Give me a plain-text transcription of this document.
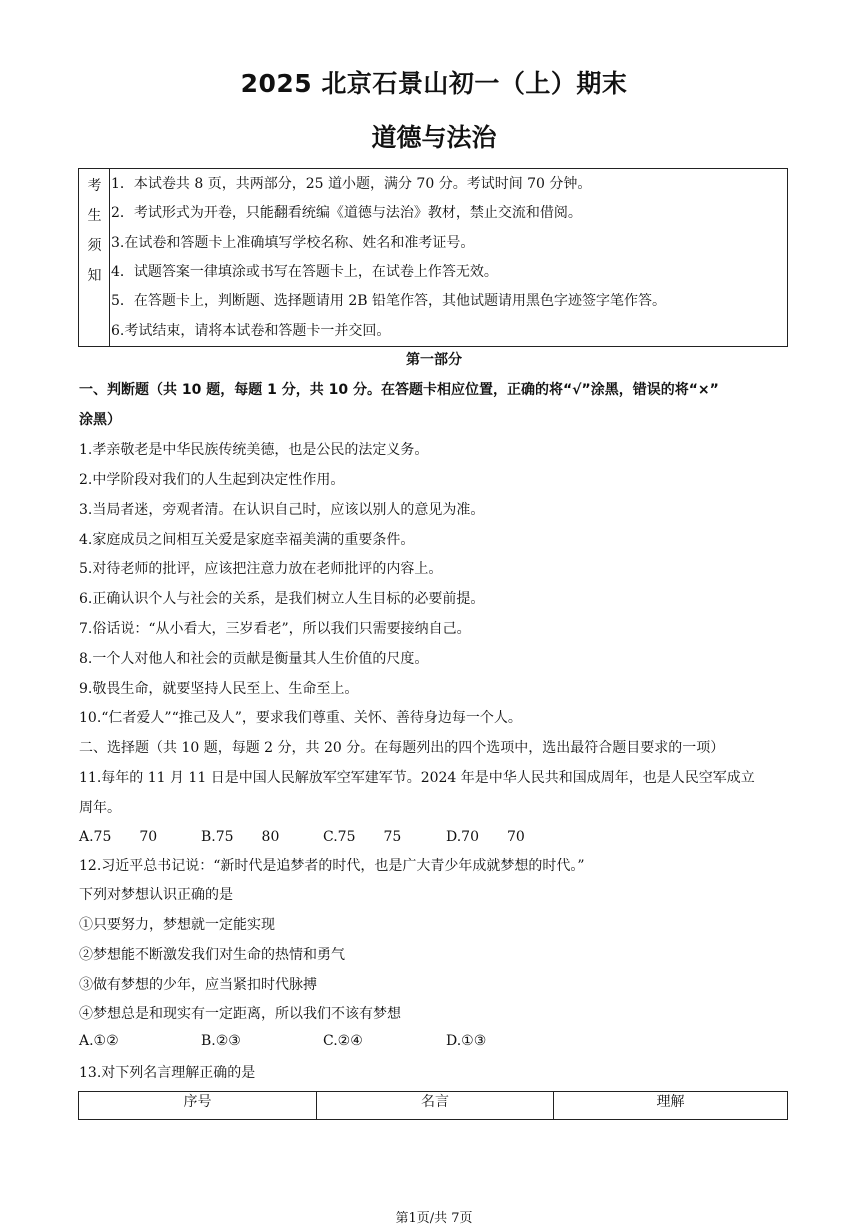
2025 北京石景山初一（上）期末
道德与法治
考
生
须
知
1．本试卷共 8 页，共两部分，25 道小题，满分 70 分。考试时间 70 分钟。
2．考试形式为开卷，只能翻看统编《道德与法治》教材，禁止交流和借阅。
3.在试卷和答题卡上准确填写学校名称、姓名和准考证号。
4．试题答案一律填涂或书写在答题卡上，在试卷上作答无效。
5．在答题卡上，判断题、选择题请用 2B 铅笔作答，其他试题请用黑色字迹签字笔作答。
6.考试结束，请将本试卷和答题卡一并交回。
第一部分
一、判断题（共 10 题，每题 1 分，共 10 分。在答题卡相应位置，正确的将“√”涂黑，错误的将“×”
涂黑）
1.孝亲敬老是中华民族传统美德，也是公民的法定义务。
2.中学阶段对我们的人生起到决定性作用。
3.当局者迷，旁观者清。在认识自己时，应该以别人的意见为准。
4.家庭成员之间相互关爱是家庭幸福美满的重要条件。
5.对待老师的批评，应该把注意力放在老师批评的内容上。
6.正确认识个人与社会的关系，是我们树立人生目标的必要前提。
7.俗话说：“从小看大，三岁看老”，所以我们只需要接纳自己。
8.一个人对他人和社会的贡献是衡量其人生价值的尺度。
9.敬畏生命，就要坚持人民至上、生命至上。
10.“仁者爱人”“推己及人”，要求我们尊重、关怀、善待身边每一个人。
二、选择题（共 10 题，每题 2 分，共 20 分。在每题列出的四个选项中，选出最符合题目要求的一项）
11.每年的 11 月 11 日是中国人民解放军空军建军节。2024 年是中华人民共和国成周年，也是人民空军成立
周年。
A.75　　70	B.75　　80	C.75　　75	D.70　　70
12.习近平总书记说：“新时代是追梦者的时代，也是广大青少年成就梦想的时代。”
下列对梦想认识正确的是
①只要努力，梦想就一定能实现
②梦想能不断激发我们对生命的热情和勇气
③做有梦想的少年，应当紧扣时代脉搏
④梦想总是和现实有一定距离，所以我们不该有梦想
A.①②	B.②③	C.②④	D.①③
13.对下列名言理解正确的是
序号	名言	理解
第1页/共 7页
